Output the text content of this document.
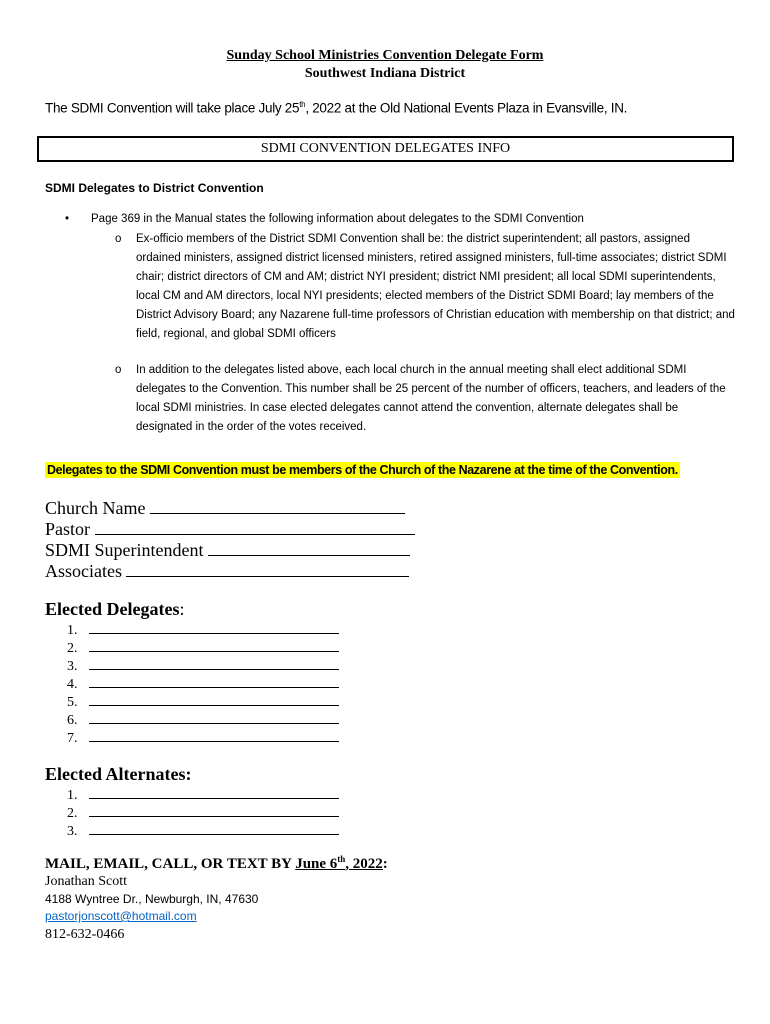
Sunday School Ministries Convention Delegate Form
Southwest Indiana District
The SDMI Convention will take place July 25th, 2022 at the Old National Events Plaza in Evansville, IN.
SDMI CONVENTION DELEGATES INFO
SDMI Delegates to District Convention
• Page 369 in the Manual states the following information about delegates to the SDMI Convention
o Ex-officio members of the District SDMI Convention shall be: the district superintendent; all pastors, assigned ordained ministers, assigned district licensed ministers, retired assigned ministers, full-time associates; district SDMI chair; district directors of CM and AM; district NYI president; district NMI president; all local SDMI superintendents, local CM and AM directors, local NYI presidents; elected members of the District SDMI Board; lay members of the District Advisory Board; any Nazarene full-time professors of Christian education with membership on that district; and field, regional, and global SDMI officers
o In addition to the delegates listed above, each local church in the annual meeting shall elect additional SDMI delegates to the Convention. This number shall be 25 percent of the number of officers, teachers, and leaders of the local SDMI ministries. In case elected delegates cannot attend the convention, alternate delegates shall be designated in the order of the votes received.
Delegates to the SDMI Convention must be members of the Church of the Nazarene at the time of the Convention.
Church Name
Pastor
SDMI Superintendent
Associates
Elected Delegates:
1.
2.
3.
4.
5.
6.
7.
Elected Alternates:
1.
2.
3.
MAIL, EMAIL, CALL, OR TEXT BY June 6th, 2022:
Jonathan Scott
4188 Wyntree Dr., Newburgh, IN, 47630
pastorjonscott@hotmail.com
812-632-0466
